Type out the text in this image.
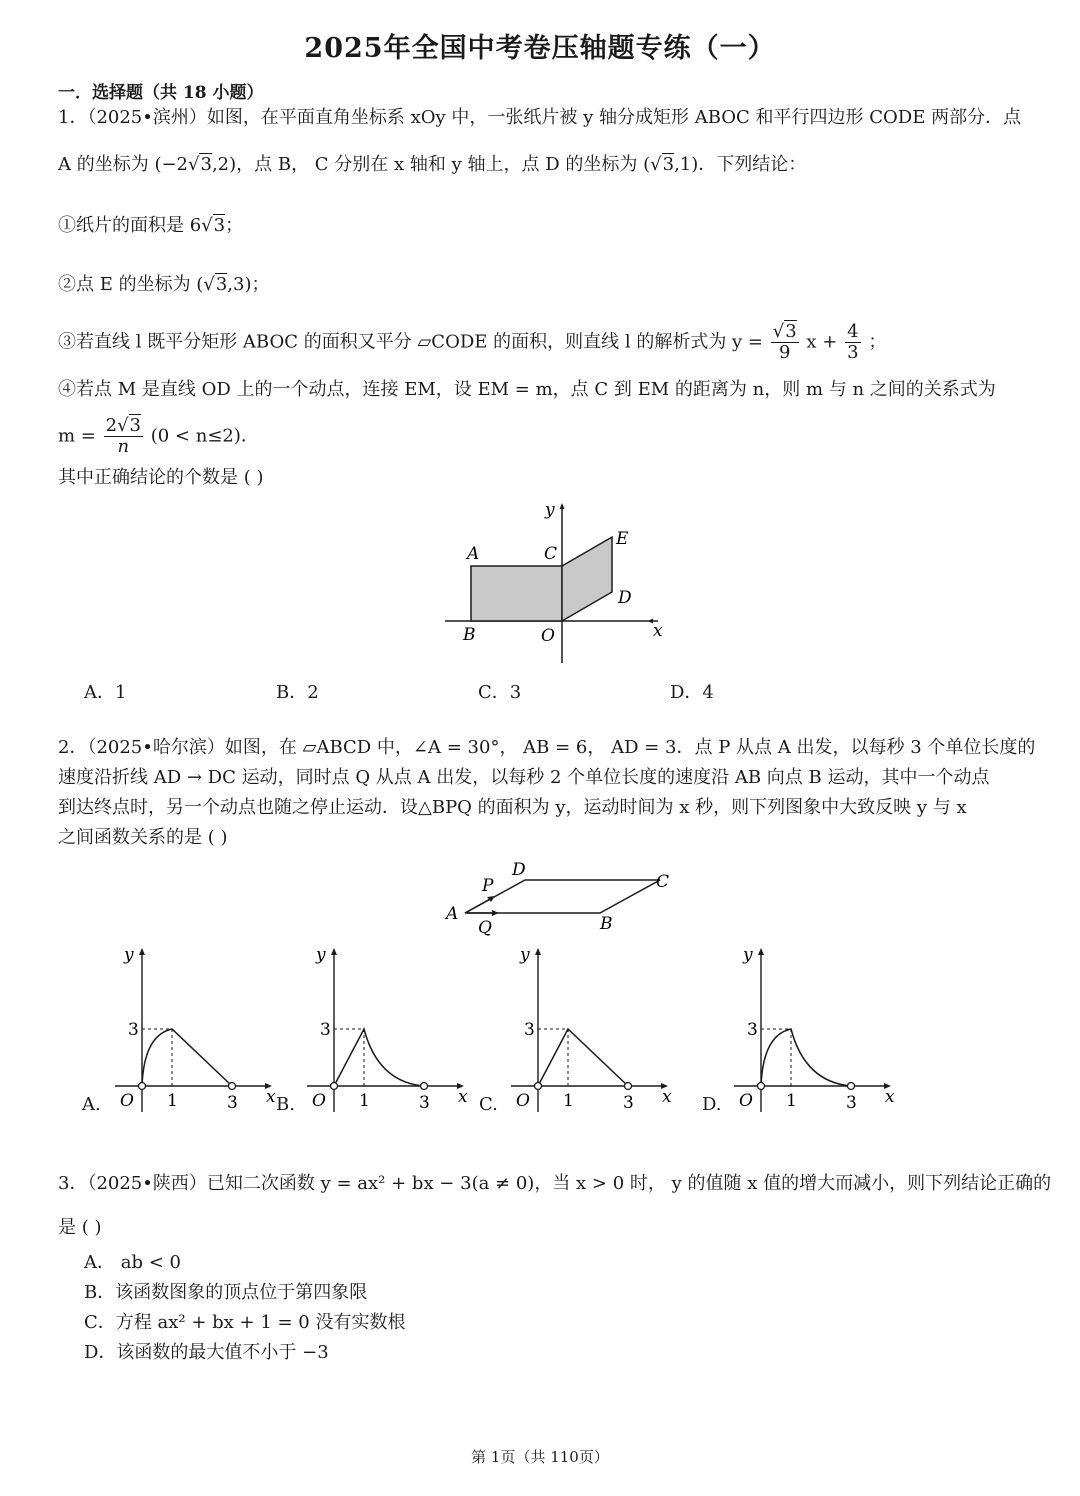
2025年全国中考卷压轴题专练（一）
一．选择题（共 18 小题）
1．（2025•滨州）如图，在平面直角坐标系 xOy 中，一张纸片被 y 轴分成矩形 ABOC 和平行四边形 CODE 两部分．点
A 的坐标为 (−2√3,2)，点 B， C 分别在 x 轴和 y 轴上，点 D 的坐标为 (√3,1)．下列结论：
①纸片的面积是 6√3；
②点 E 的坐标为 (√3,3)；
③若直线 l 既平分矩形 ABOC 的面积又平分 ▱CODE 的面积，则直线 l 的解析式为 $y = \frac{√3}{9}$ $x + \frac{4}{3}$ ；
④若点 M 是直线 OD 上的一个动点，连接 EM，设 EM = m，点 C 到 EM 的距离为 n，则 m 与 n 之间的关系式为
$m = \frac{2√3}{n} (0 < n\le 2)$．
其中正确结论的个数是 ( )
y
x
A	C
E
D
B	O
A．1	B．2	C．3	D．4
2．（2025•哈尔滨）如图，在 ▱ABCD 中，∠A = 30°， AB = 6， AD = 3．点 P 从点 A 出发，以每秒 3 个单位长度的
速度沿折线 AD → DC 运动，同时点 Q 从点 A 出发，以每秒 2 个单位长度的速度沿 AB 向点 B 运动，其中一个动点
到达终点时，另一个动点也随之停止运动．设△BPQ 的面积为 y，运动时间为 x 秒，则下列图象中大致反映 y 与 x
之间函数关系的是 ( )
A
D
C
B
P
Q
A.	B.	C.	D.
y
x
O
3
1	3
y
x
O
3
1	3
y
x
O
3
1	3
y
x
O
3
1	3
3．（2025•陕西）已知二次函数 y = ax² + bx − 3(a ≠ 0)，当 x > 0 时， y 的值随 x 值的增大而减小，则下列结论正确的
是 ( )
A． ab < 0
B．该函数图象的顶点位于第四象限
C．方程 ax² + bx + 1 = 0 没有实数根
D．该函数的最大值不小于 −3
第 1页（共 110页）
